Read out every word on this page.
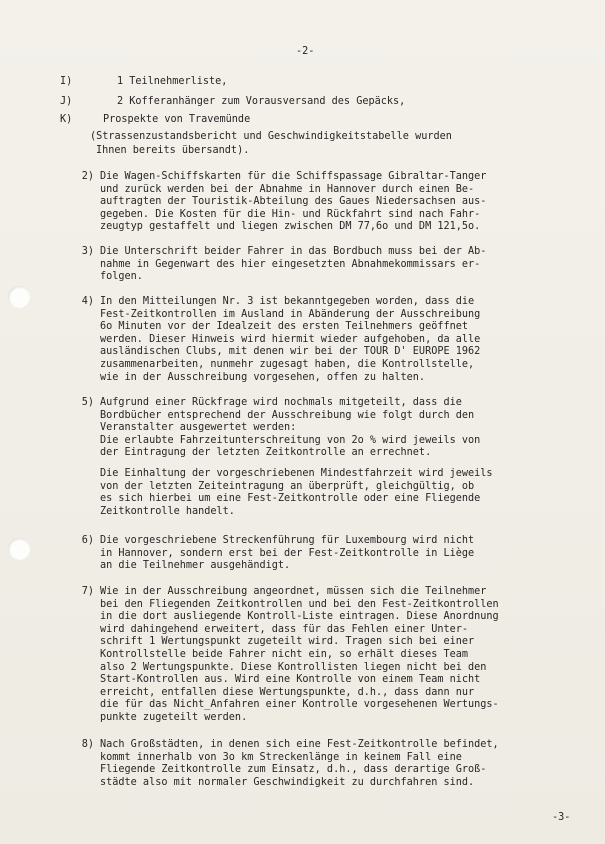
-2-
I)	1 Teilnehmerliste,
J)	2 Kofferanhänger zum Vorausversand des Gepäcks,
K)	Prospekte von Travemünde
(Strassenzustandsbericht und Geschwindigkeitstabelle wurden
Ihnen bereits übersandt).
2) Die Wagen-Schiffskarten für die Schiffspassage Gibraltar-Tanger
und zurück werden bei der Abnahme in Hannover durch einen Be-
auftragten der Touristik-Abteilung des Gaues Niedersachsen aus-
gegeben. Die Kosten für die Hin- und Rückfahrt sind nach Fahr-
zeugtyp gestaffelt und liegen zwischen DM 77,6o und DM 121,5o.
3) Die Unterschrift beider Fahrer in das Bordbuch muss bei der Ab-
nahme in Gegenwart des hier eingesetzten Abnahmekommissars er-
folgen.
4) In den Mitteilungen Nr. 3 ist bekanntgegeben worden, dass die
Fest-Zeitkontrollen im Ausland in Abänderung der Ausschreibung
6o Minuten vor der Idealzeit des ersten Teilnehmers geöffnet
werden. Dieser Hinweis wird hiermit wieder aufgehoben, da alle
ausländischen Clubs, mit denen wir bei der TOUR D' EUROPE 1962
zusammenarbeiten, nunmehr zugesagt haben, die Kontrollstelle,
wie in der Ausschreibung vorgesehen, offen zu halten.
5) Aufgrund einer Rückfrage wird nochmals mitgeteilt, dass die
Bordbücher entsprechend der Ausschreibung wie folgt durch den
Veranstalter ausgewertet werden:
Die erlaubte Fahrzeitunterschreitung von 2o % wird jeweils von
der Eintragung der letzten Zeitkontrolle an errechnet.
Die Einhaltung der vorgeschriebenen Mindestfahrzeit wird jeweils
von der letzten Zeiteintragung an überprüft, gleichgültig, ob
es sich hierbei um eine Fest-Zeitkontrolle oder eine Fliegende
Zeitkontrolle handelt.
6) Die vorgeschriebene Streckenführung für Luxembourg wird nicht
in Hannover, sondern erst bei der Fest-Zeitkontrolle in Liège
an die Teilnehmer ausgehändigt.
7) Wie in der Ausschreibung angeordnet, müssen sich die Teilnehmer
bei den Fliegenden Zeitkontrollen und bei den Fest-Zeitkontrollen
in die dort ausliegende Kontroll-Liste eintragen. Diese Anordnung
wird dahingehend erweitert, dass für das Fehlen einer Unter-
schrift 1 Wertungspunkt zugeteilt wird. Tragen sich bei einer
Kontrollstelle beide Fahrer nicht ein, so erhält dieses Team
also 2 Wertungspunkte. Diese Kontrollisten liegen nicht bei den
Start-Kontrollen aus. Wird eine Kontrolle von einem Team nicht
erreicht, entfallen diese Wertungspunkte, d.h., dass dann nur
die für das Nicht_Anfahren einer Kontrolle vorgesehenen Wertungs-
punkte zugeteilt werden.
8) Nach Großstädten, in denen sich eine Fest-Zeitkontrolle befindet,
kommt innerhalb von 3o km Streckenlänge in keinem Fall eine
Fliegende Zeitkontrolle zum Einsatz, d.h., dass derartige Groß-
städte also mit normaler Geschwindigkeit zu durchfahren sind.
-3-
